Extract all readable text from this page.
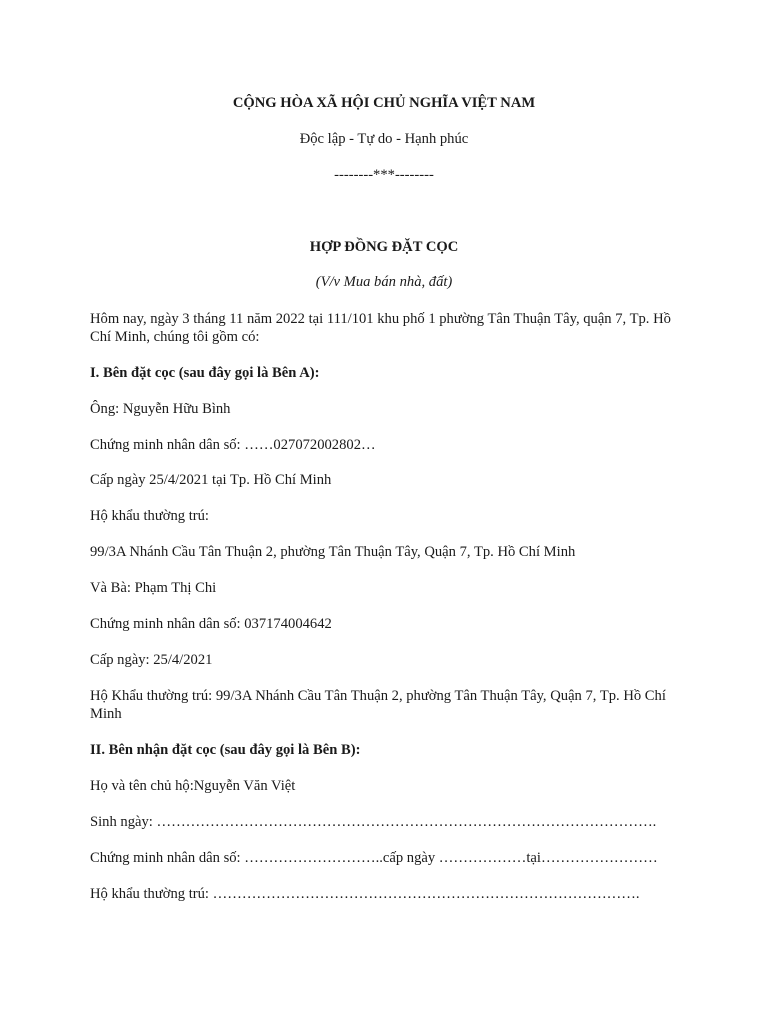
CỘNG HÒA XÃ HỘI CHỦ NGHĨA VIỆT NAM
Độc lập - Tự do - Hạnh phúc
--------***--------
HỢP ĐỒNG ĐẶT CỌC
(V/v Mua bán nhà, đất)
Hôm nay, ngày 3 tháng 11 năm 2022 tại 111/101 khu phố 1 phường Tân Thuận Tây, quận 7, Tp. Hồ Chí Minh, chúng tôi gồm có:
I. Bên đặt cọc (sau đây gọi là Bên A):
Ông: Nguyễn Hữu Bình
Chứng minh nhân dân số: ……027072002802…
Cấp ngày 25/4/2021 tại Tp. Hồ Chí Minh
Hộ khẩu thường trú:
99/3A Nhánh Cầu Tân Thuận 2, phường Tân Thuận Tây, Quận 7, Tp. Hồ Chí Minh
Và Bà: Phạm Thị Chi
Chứng minh nhân dân số: 037174004642
Cấp ngày: 25/4/2021
Hộ Khẩu thường trú: 99/3A Nhánh Cầu Tân Thuận 2, phường Tân Thuận Tây, Quận 7, Tp. Hồ Chí Minh
II. Bên nhận đặt cọc (sau đây gọi là Bên B):
Họ và tên chủ hộ:Nguyễn Văn Việt
Sinh ngày: ………………………………………………………………………………………….
Chứng minh nhân dân số: ………………………..cấp ngày ………………tại……………………
Hộ khẩu thường trú: …………………………………………………………………………….
